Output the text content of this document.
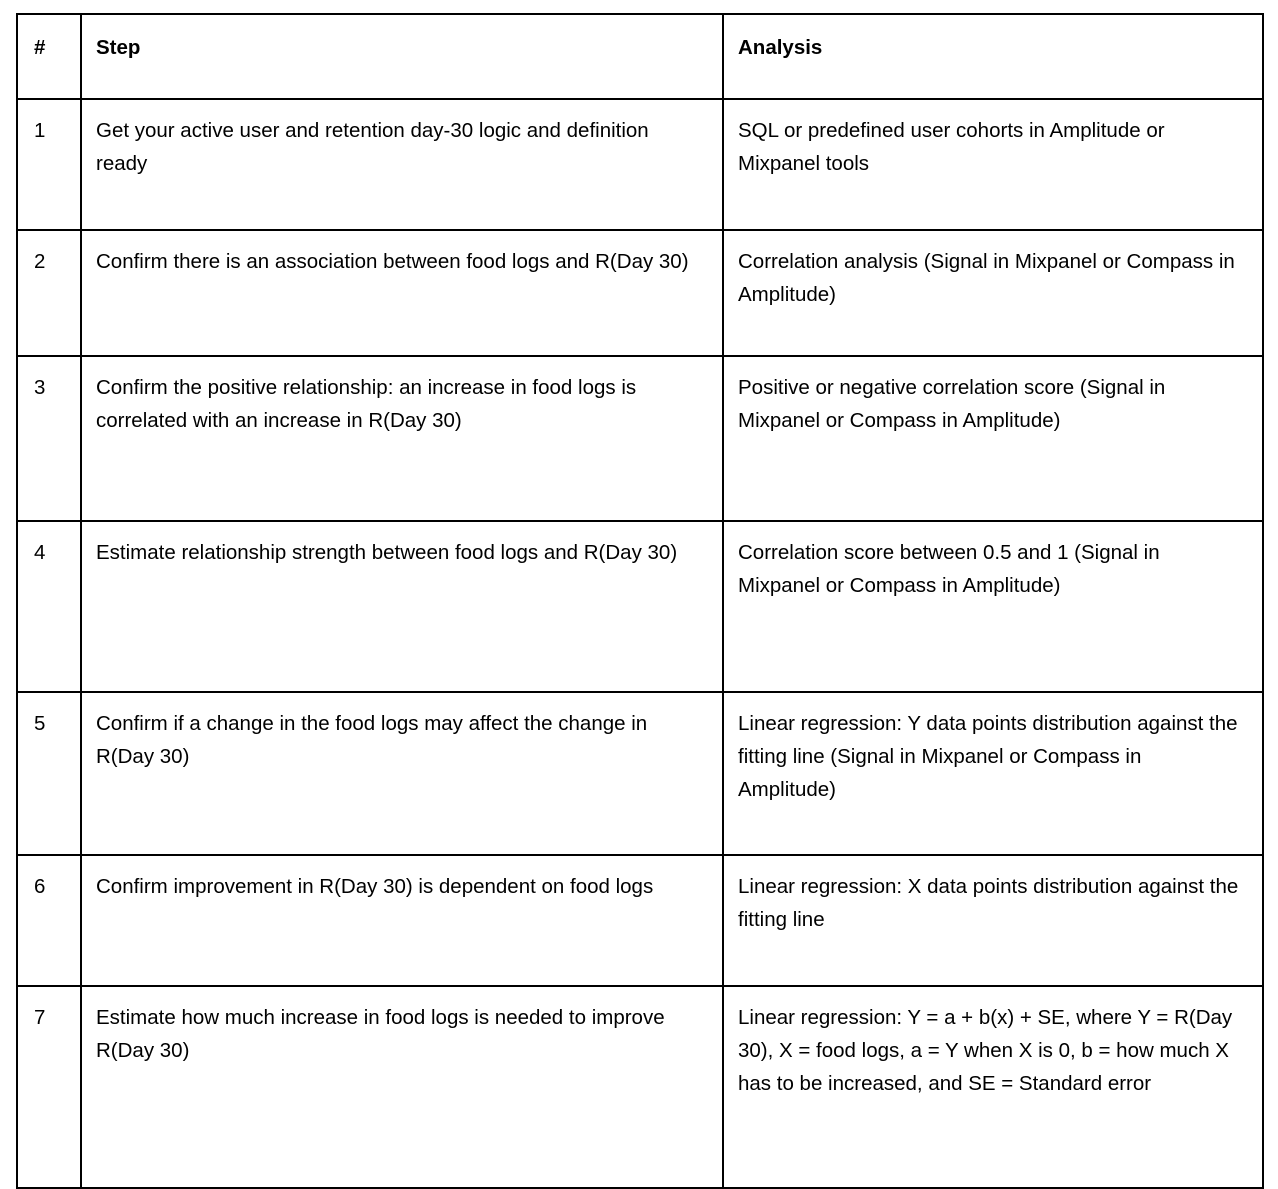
#	Step	Analysis
1	Get your active user and retention day-30 logic and definition ready	SQL or predefined user cohorts in Amplitude or Mixpanel tools
2	Confirm there is an association between food logs and R(Day 30)	Correlation analysis (Signal in Mixpanel or Compass in Amplitude)
3	Confirm the positive relationship: an increase in food logs is correlated with an increase in R(Day 30)	Positive or negative correlation score (Signal in Mixpanel or Compass in Amplitude)
4	Estimate relationship strength between food logs and R(Day 30)	Correlation score between 0.5 and 1 (Signal in Mixpanel or Compass in Amplitude)
5	Confirm if a change in the food logs may affect the change in R(Day 30)	Linear regression: Y data points distribution against the fitting line (Signal in Mixpanel or Compass in Amplitude)
6	Confirm improvement in R(Day 30) is dependent on food logs	Linear regression: X data points distribution against the fitting line
7	Estimate how much increase in food logs is needed to improve R(Day 30)	Linear regression: Y = a + b(x) + SE, where Y = R(Day 30), X = food logs, a = Y when X is 0, b = how much X has to be increased, and SE = Standard error
